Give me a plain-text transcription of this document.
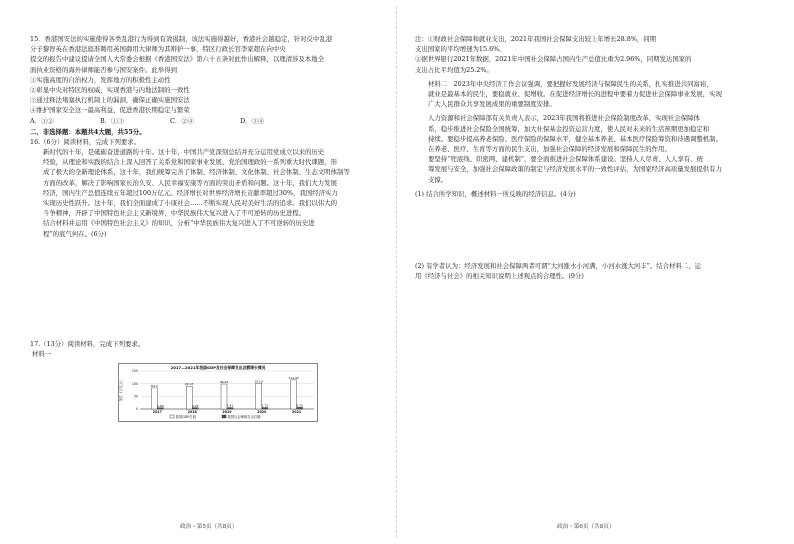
15．香港国安法的实施使得各类乱港行为得到有效遏制，该法实施得越好，香港社会越稳定，针对反中乱港

分子黎智英在香港法庭准聘用英国御用大律师为其辩护一事，特区行政长官李家超在向中央

提交的报告中建议提请全国人大常委会根据《香港国安法》第六十五条对此作出解释，以理清涉及本地全

面执业资格的海外律师能否参与国安案件。此举得到

①实施高度的自治权力，发挥地方的积极性主动性

②彰显中央对特区的权威，实现香港与内地法制的一致性

③通过释法堵塞执行机制上的漏洞，确保正确实施国安法

④维护国家安全这一最高利益，促进香港长期稳定与繁荣

A．①②	B．①③	C．②④	D．③④

二、非选择题：本题共4大题，共55分。

16.（6分）阅读材料，完成下列要求。

新时代的十年，是砥砺奋进道路的十年。这十年，中国共产党深刻总结并充分运用党成立以来的历史

经验，从理论和实践的结合上深入回答了关系党和国家事业发展、党治国理政的一系列重大时代课题，形

成了极大的全新理论体系，这十年，我们统筹完善了体制、经济体制、文化体制、社会体制、生态文明体制等

方面的改革，解决了影响国家长治久安、人民幸福安康等方面的突出矛盾和问题。这十年，我们大力发展

经济，国内生产总值连续五年超过100万亿元。经济增长对世界经济增长贡献率超过30%，我国经济实力

实现历史性跃升。这十年，我们全面建成了小康社会……不断实现人民对美好生活的追求。我们以伟大的

斗争精神，开辟了中国特色社会主义新境界，中华民族伟大复兴进入了不可逆转的历史进程。

结合材料并运用《中国特色社会主义》的知识，分析“中华民族伟大复兴进入了不可逆转的历史进

程”的底气何在。(6分)

17.（13分）阅读材料，完成下列要求。

材料一

2017—2021年我国GDP及社会保障支出总额增长情况
单位（万亿元）
150
100
50
0
83.2
4.86
2017
90.03
4.92
2018
98.65
5.41
2019
101.6
5.75
2020
114.92
6.25
2021
我国GDP总值	我国社会保障支出总额
政治・第5页（共8页）

注：①财政社会保障和就业支出，2021年我国社会保障支出较上年增长28.8%，同期

支出国家的平均增速为15.6%。

②据世界银行2021年数据，2021年中国社会保障占国内生产总值比重为2.96%，同期发达国家的

支出占比平均值为25.2%。

材料二　2023年中央经济工作会议强调，要把握好发展经济与保障民生的关系，扎实推进共同富裕，

就业是最基本的民生，要稳就业、促增收。在促进经济增长的进程中要着力促进社会保障事业发展，实现

广大人民群众共享发展成果的重要制度安排。

人力资源和社会保障部有关负责人表示，2023年我国将推进社会保险制度改革，实现社会保障体

系，稳步推进社会保险全国统筹，加大社保基金投资运营力度，使人民对未来的生活预期更加稳定和

持续。要稳步提高养老保险、医疗保险的保障水平，健全基本养老、基本医疗保险筹资和待遇调整机制。

在养老、医疗、生育等方面的民生支出，加强社会保障的经济发展和保障民生的作用。

要坚持“兜底线、织密网、建机制”，要全面推进社会保障体系建设。坚持人人尽责、人人享有，统

筹发展与安全，加强社会保障政策的制定与经济发展水平的一致性评估，为国家经济高质量发展提供有力

支撑。

(1) 结合所学知识，概述材料一所反映的经济信息。(4分)

(2) 有学者认为：经济发展和社会保障两者可谓“大河涨水小河满，小河水涨大河丰”。结合材料二，运

用《经济与社会》的相关知识说明上述观点的合理性。(9分)

政治・第6页（共8页）
